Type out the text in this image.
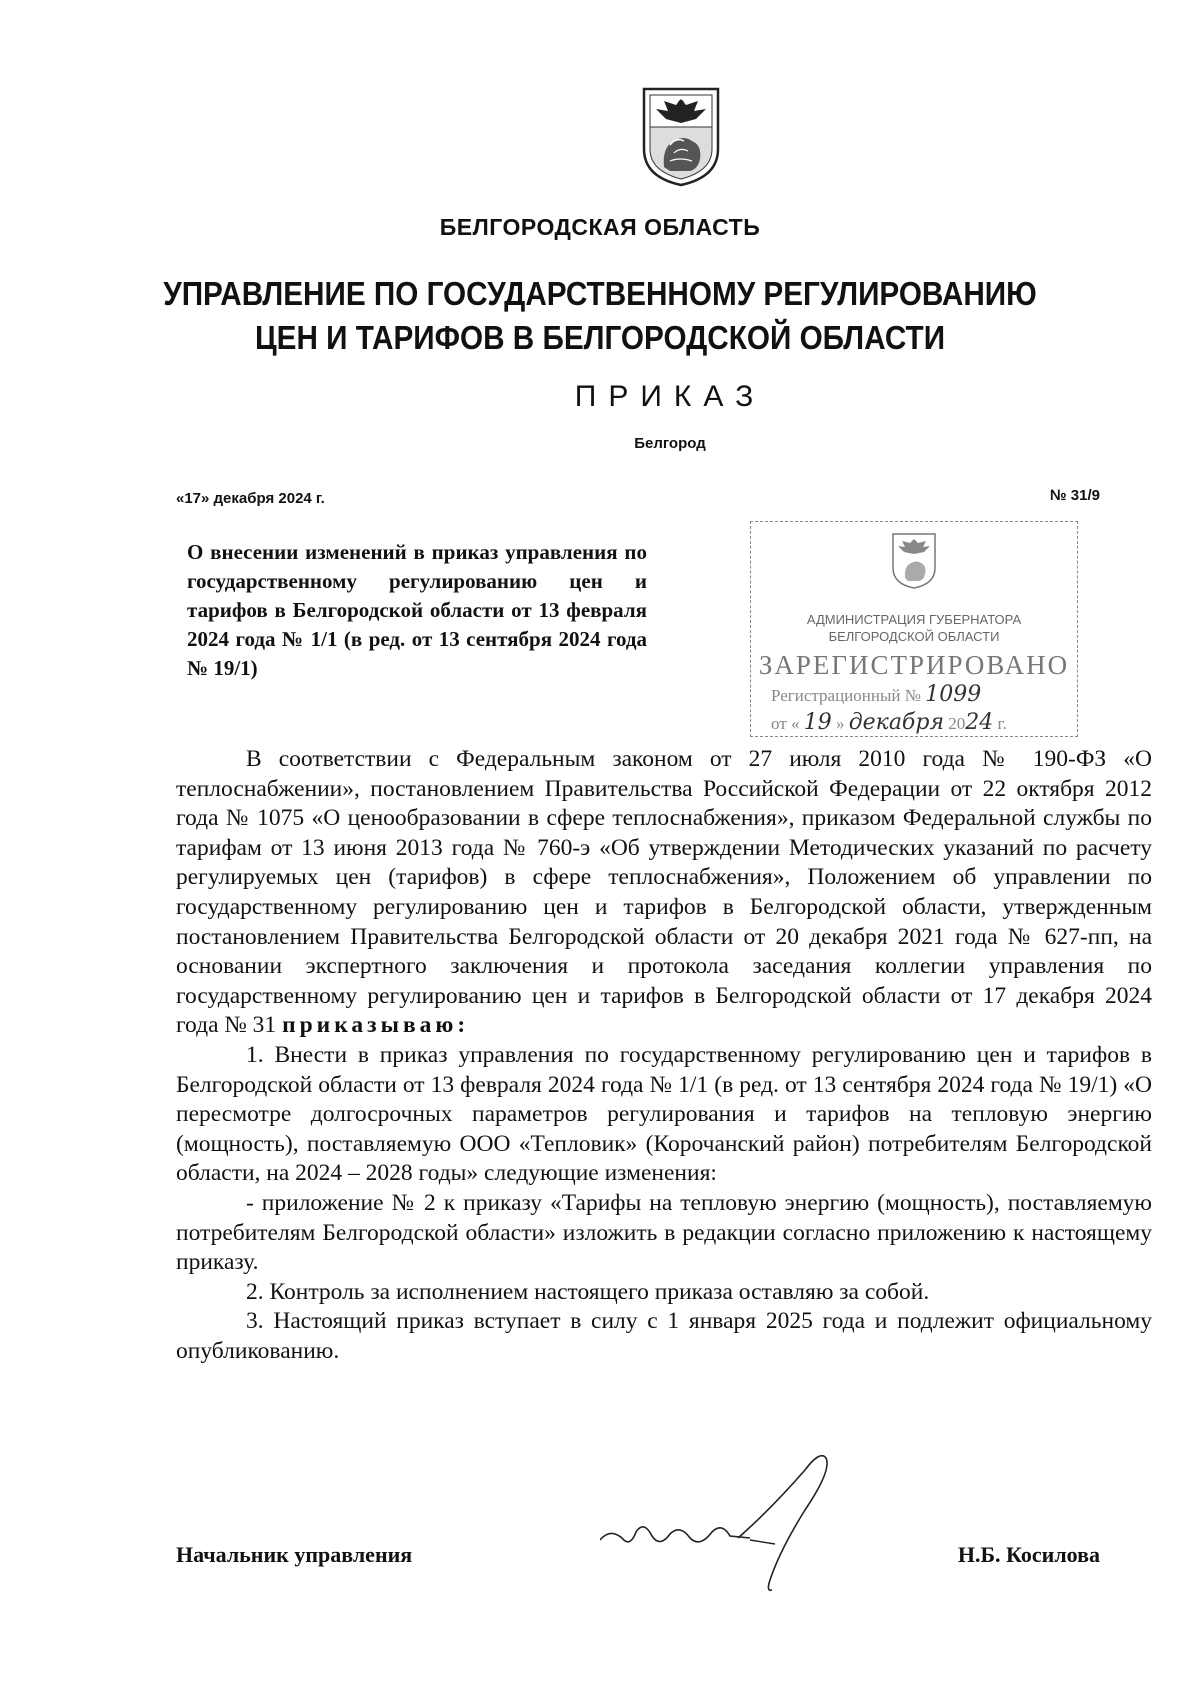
БЕЛГОРОДСКАЯ ОБЛАСТЬ
УПРАВЛЕНИЕ ПО ГОСУДАРСТВЕННОМУ РЕГУЛИРОВАНИЮ
ЦЕН И ТАРИФОВ В БЕЛГОРОДСКОЙ ОБЛАСТИ
ПРИКАЗ
Белгород
«17» декабря 2024 г.	№ 31/9
О внесении изменений в приказ управления по государственному регулированию цен и тарифов в Белгородской области от 13 февраля 2024 года № 1/1 (в ред. от 13 сентября 2024 года № 19/1)
АДМИНИСТРАЦИЯ ГУБЕРНАТОРА
БЕЛГОРОДСКОЙ ОБЛАСТИ
ЗАРЕГИСТРИРОВАНО
Регистрационный № 1099
от « 19 » декабря 2024 г.

В соответствии с Федеральным законом от 27 июля 2010 года № 190-ФЗ «О теплоснабжении», постановлением Правительства Российской Федерации от 22 октября 2012 года № 1075 «О ценообразовании в сфере теплоснабжения», приказом Федеральной службы по тарифам от 13 июня 2013 года № 760-э «Об утверждении Методических указаний по расчету регулируемых цен (тарифов) в сфере теплоснабжения», Положением об управлении по государственному регулированию цен и тарифов в Белгородской области, утвержденным постановлением Правительства Белгородской области от 20 декабря 2021 года № 627-пп, на основании экспертного заключения и протокола заседания коллегии управления по государственному регулированию цен и тарифов в Белгородской области от 17 декабря 2024 года № 31 приказываю:

1. Внести в приказ управления по государственному регулированию цен и тарифов в Белгородской области от 13 февраля 2024 года № 1/1 (в ред. от 13 сентября 2024 года № 19/1) «О пересмотре долгосрочных параметров регулирования и тарифов на тепловую энергию (мощность), поставляемую ООО «Тепловик» (Корочанский район) потребителям Белгородской области, на 2024 – 2028 годы» следующие изменения:

- приложение № 2 к приказу «Тарифы на тепловую энергию (мощность), поставляемую потребителям Белгородской области» изложить в редакции согласно приложению к настоящему приказу.

2. Контроль за исполнением настоящего приказа оставляю за собой.

3. Настоящий приказ вступает в силу с 1 января 2025 года и подлежит официальному опубликованию.

Начальник управления	Н.Б. Косилова
